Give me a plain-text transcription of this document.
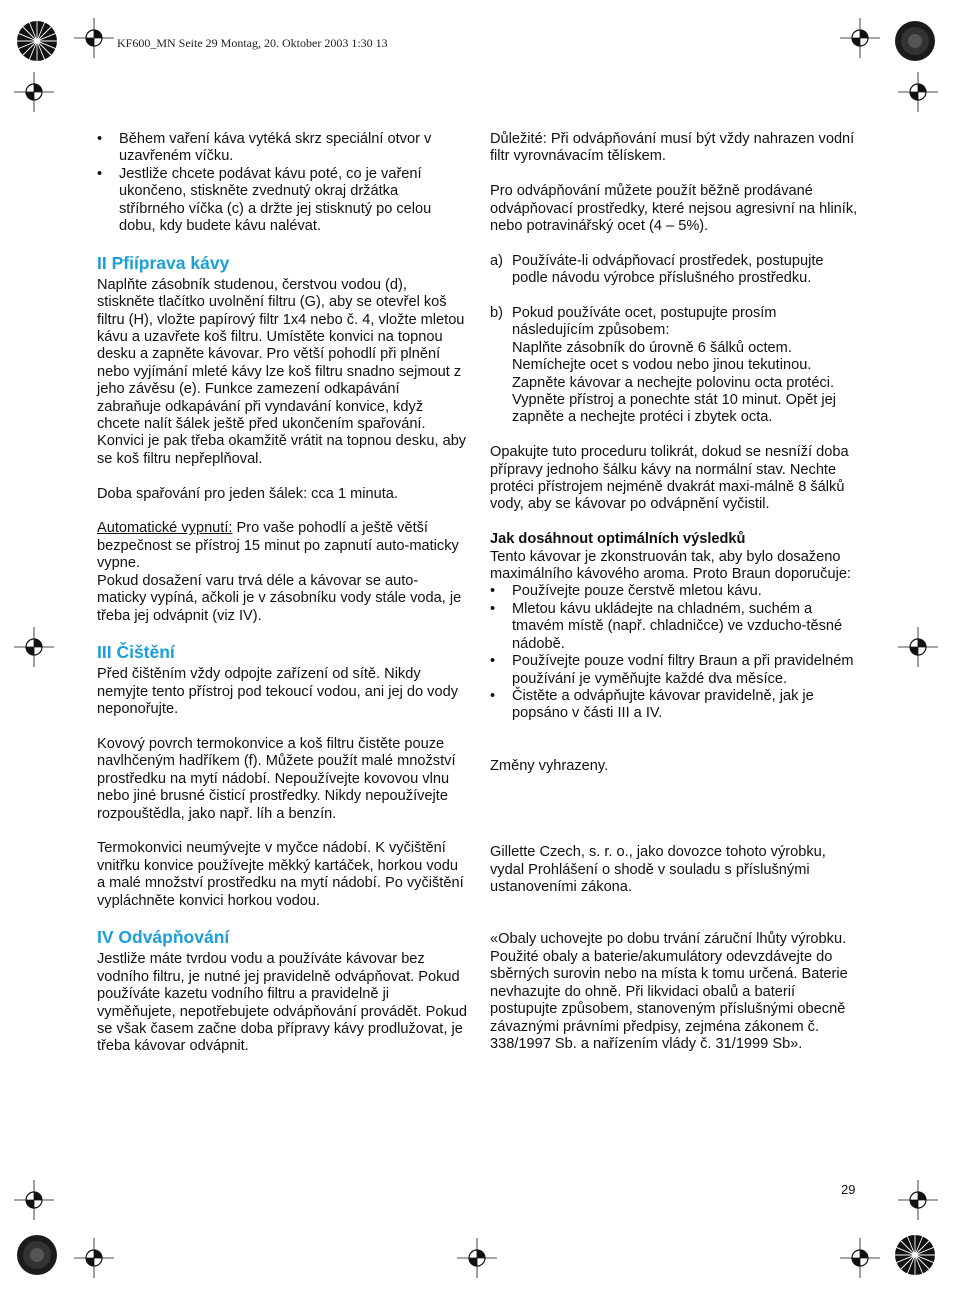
KF600_MN Seite 29 Montag, 20. Oktober 2003 1:30 13
• Během vaření káva vytéká skrz speciální otvor v uzavřeném víčku.
• Jestliže chcete podávat kávu poté, co je vaření ukončeno, stiskněte zvednutý okraj držátka stříbrného víčka (c) a držte jej stisknutý po celou dobu, kdy budete kávu nalévat.
II Pfiíprava kávy

Naplňte zásobník studenou, čerstvou vodou (d), stiskněte tlačítko uvolnění filtru (G), aby se otevřel koš filtru (H), vložte papírový filtr 1x4 nebo č. 4, vložte mletou kávu a uzavřete koš filtru. Umístěte konvici na topnou desku a zapněte kávovar. Pro větší pohodlí při plnění nebo vyjímání mleté kávy lze koš filtru snadno sejmout z jeho závěsu (e). Funkce zamezení odkapávání zabraňuje odkapávání při vyndavání konvice, když chcete nalít šálek ještě před ukončením spařování. Konvici je pak třeba okamžitě vrátit na topnou desku, aby se koš filtru nepřeplňoval.

Doba spařování pro jeden šálek: cca 1 minuta.

Automatické vypnutí: Pro vaše pohodlí a ještě větší bezpečnost se přístroj 15 minut po zapnutí auto-maticky vypne.

Pokud dosažení varu trvá déle a kávovar se auto-maticky vypíná, ačkoli je v zásobníku vody stále voda, je třeba jej odvápnit (viz IV).

III Čištění

Před čištěním vždy odpojte zařízení od sítě. Nikdy nemyjte tento přístroj pod tekoucí vodou, ani jej do vody neponořujte.

Kovový povrch termokonvice a koš filtru čistěte pouze navlhčeným hadříkem (f). Můžete použít malé množství prostředku na mytí nádobí. Nepoužívejte kovovou vlnu nebo jiné brusné čisticí prostředky. Nikdy nepoužívejte rozpouštědla, jako např. líh a benzín.

Termokonvici neumývejte v myčce nádobí. K vyčištění vnitřku konvice používejte měkký kartáček, horkou vodu a malé množství prostředku na mytí nádobí. Po vyčištění vypláchněte konvici horkou vodou.

IV Odvápňování

Jestliže máte tvrdou vodu a používáte kávovar bez vodního filtru, je nutné jej pravidelně odvápňovat. Pokud používáte kazetu vodního filtru a pravidelně ji vyměňujete, nepotřebujete odvápňování provádět. Pokud se však časem začne doba přípravy kávy prodlužovat, je třeba kávovar odvápnit.

Důležité: Při odvápňování musí být vždy nahrazen vodní filtr vyrovnávacím tělískem.

Pro odvápňování můžete použít běžně prodávané odvápňovací prostředky, které nejsou agresivní na hliník, nebo potravinářský ocet (4 – 5%).

a) Používáte-li odvápňovací prostředek, postupujte podle návodu výrobce příslušného prostředku.
b) Pokud používáte ocet, postupujte prosím následujícím způsobem:
Naplňte zásobník do úrovně 6 šálků octem. Nemíchejte ocet s vodou nebo jinou tekutinou. Zapněte kávovar a nechejte polovinu octa protéci. Vypněte přístroj a ponechte stát 10 minut. Opět jej zapněte a nechejte protéci i zbytek octa.

Opakujte tuto proceduru tolikrát, dokud se nesníží doba přípravy jednoho šálku kávy na normální stav. Nechte protéci přístrojem nejméně dvakrát maxi-málně 8 šálků vody, aby se kávovar po odvápnění vyčistil.

Jak dosáhnout optimálních výsledků

Tento kávovar je zkonstruován tak, aby bylo dosaženo maximálního kávového aroma. Proto Braun doporučuje:

• Používejte pouze čerstvě mletou kávu.
• Mletou kávu ukládejte na chladném, suchém a tmavém místě (např. chladničce) ve vzducho-těsné nádobě.
• Používejte pouze vodní filtry Braun a při pravidelném používání je vyměňujte každé dva měsíce.
• Čistěte a odvápňujte kávovar pravidelně, jak je popsáno v části III a IV.

Změny vyhrazeny.

Gillette Czech, s. r. o., jako dovozce tohoto výrobku, vydal Prohlášení o shodě v souladu s příslušnými ustanoveními zákona.

«Obaly uchovejte po dobu trvání záruční lhůty výrobku. Použité obaly a baterie/akumulátory odevzdávejte do sběrných surovin nebo na místa k tomu určená. Baterie nevhazujte do ohně. Při likvidaci obalů a baterií postupujte způsobem, stanoveným příslušnými obecně závaznými právními předpisy, zejména zákonem č. 338/1997 Sb. a nařízením vlády č. 31/1999 Sb».

29
